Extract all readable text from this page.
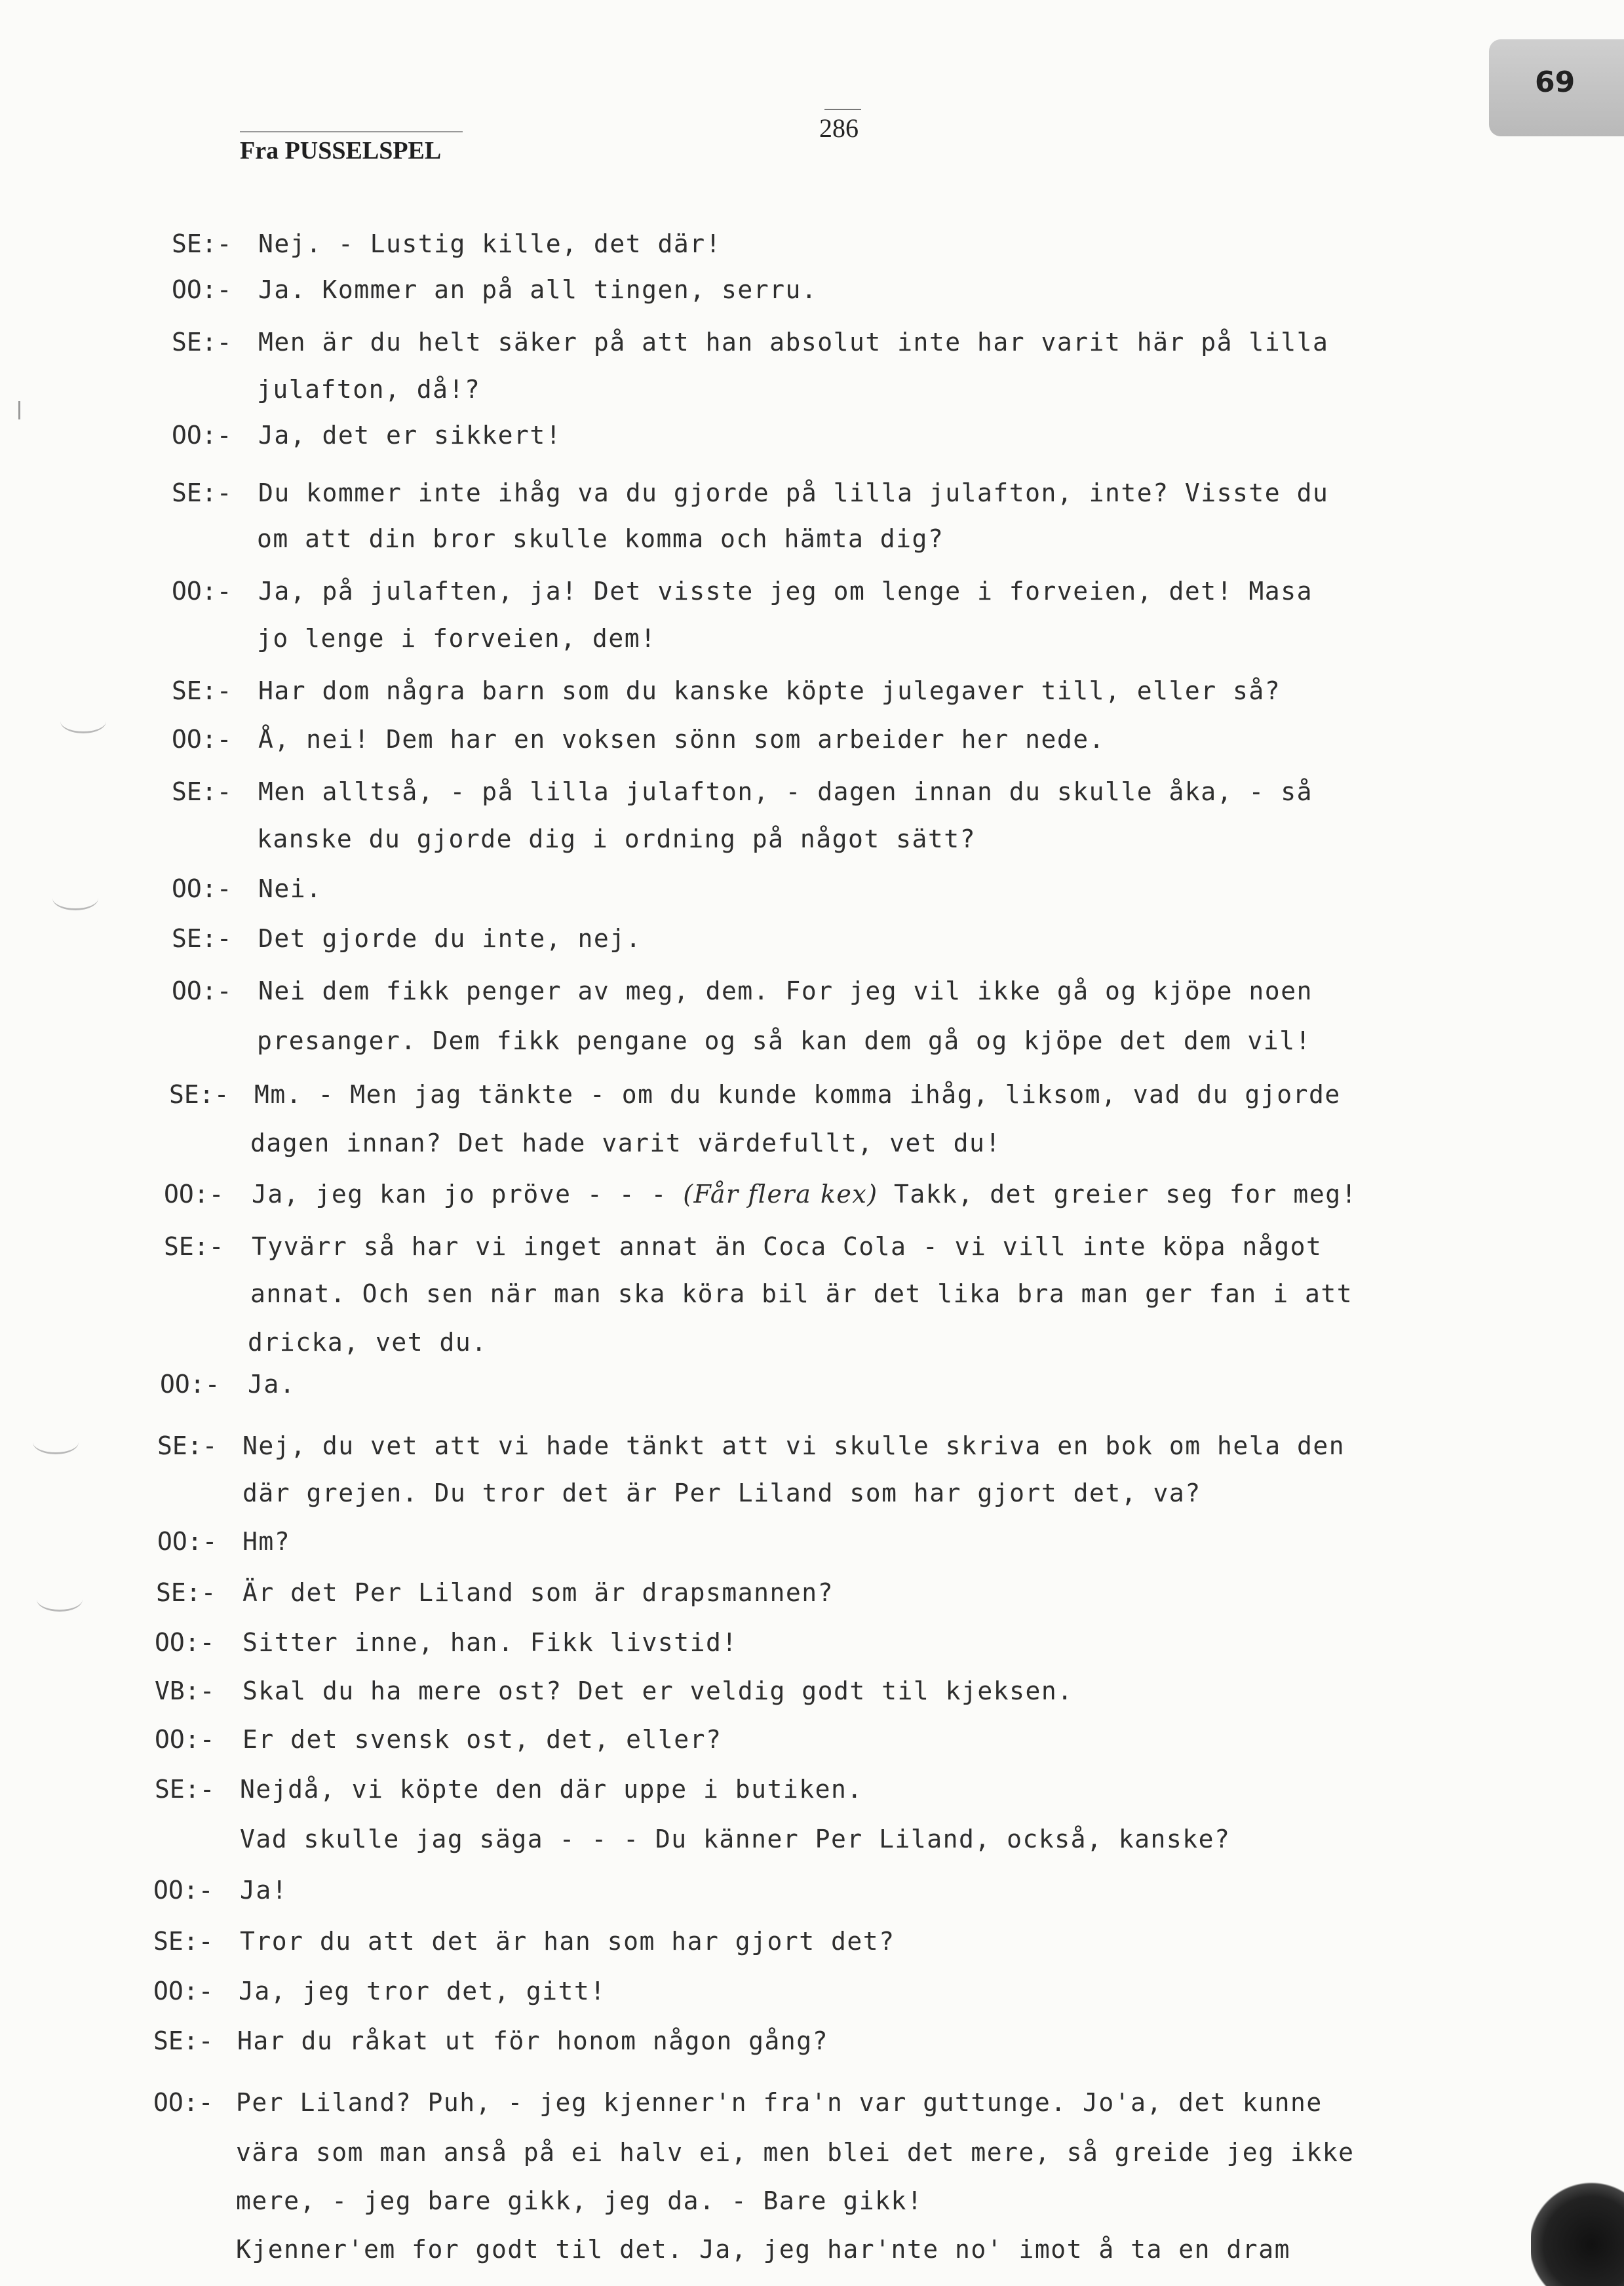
69
286
Fra PUSSELSPEL
SE:- Nej. - Lustig kille, det där!
OO:- Ja. Kommer an på all tingen, serru.
SE:- Men är du helt säker på att han absolut inte har varit här på lilla
julafton, då!?
OO:- Ja, det er sikkert!
SE:- Du kommer inte ihåg va du gjorde på lilla julafton, inte? Visste du
om att din bror skulle komma och hämta dig?
OO:- Ja, på julaften, ja! Det visste jeg om lenge i forveien, det! Masa
jo lenge i forveien, dem!
SE:- Har dom några barn som du kanske köpte julegaver till, eller så?
OO:- Å, nei! Dem har en voksen sönn som arbeider her nede.
SE:- Men alltså, - på lilla julafton, - dagen innan du skulle åka, - så
kanske du gjorde dig i ordning på något sätt?
OO:- Nei.
SE:- Det gjorde du inte, nej.
OO:- Nei dem fikk penger av meg, dem. For jeg vil ikke gå og kjöpe noen
presanger. Dem fikk pengane og så kan dem gå og kjöpe det dem vil!
SE:- Mm. - Men jag tänkte - om du kunde komma ihåg, liksom, vad du gjorde
dagen innan? Det hade varit värdefullt, vet du!
OO:- Ja, jeg kan jo pröve - - - (Får flera kex) Takk, det greier seg for meg!
SE:- Tyvärr så har vi inget annat än Coca Cola - vi vill inte köpa något
annat. Och sen när man ska köra bil är det lika bra man ger fan i att
dricka, vet du.
OO:- Ja.
SE:- Nej, du vet att vi hade tänkt att vi skulle skriva en bok om hela den
där grejen. Du tror det är Per Liland som har gjort det, va?
OO:- Hm?
SE:- Är det Per Liland som är drapsmannen?
OO:- Sitter inne, han. Fikk livstid!
VB:- Skal du ha mere ost? Det er veldig godt til kjeksen.
OO:- Er det svensk ost, det, eller?
SE:- Nejdå, vi köpte den där uppe i butiken.
Vad skulle jag säga - - - Du känner Per Liland, också, kanske?
OO:- Ja!
SE:- Tror du att det är han som har gjort det?
OO:- Ja, jeg tror det, gitt!
SE:- Har du råkat ut för honom någon gång?
OO:- Per Liland? Puh, - jeg kjenner'n fra'n var guttunge. Jo'a, det kunne
vära som man anså på ei halv ei, men blei det mere, så greide jeg ikke
mere, - jeg bare gikk, jeg da. - Bare gikk!
Kjenner'em for godt til det. Ja, jeg har'nte no' imot å ta en dram
